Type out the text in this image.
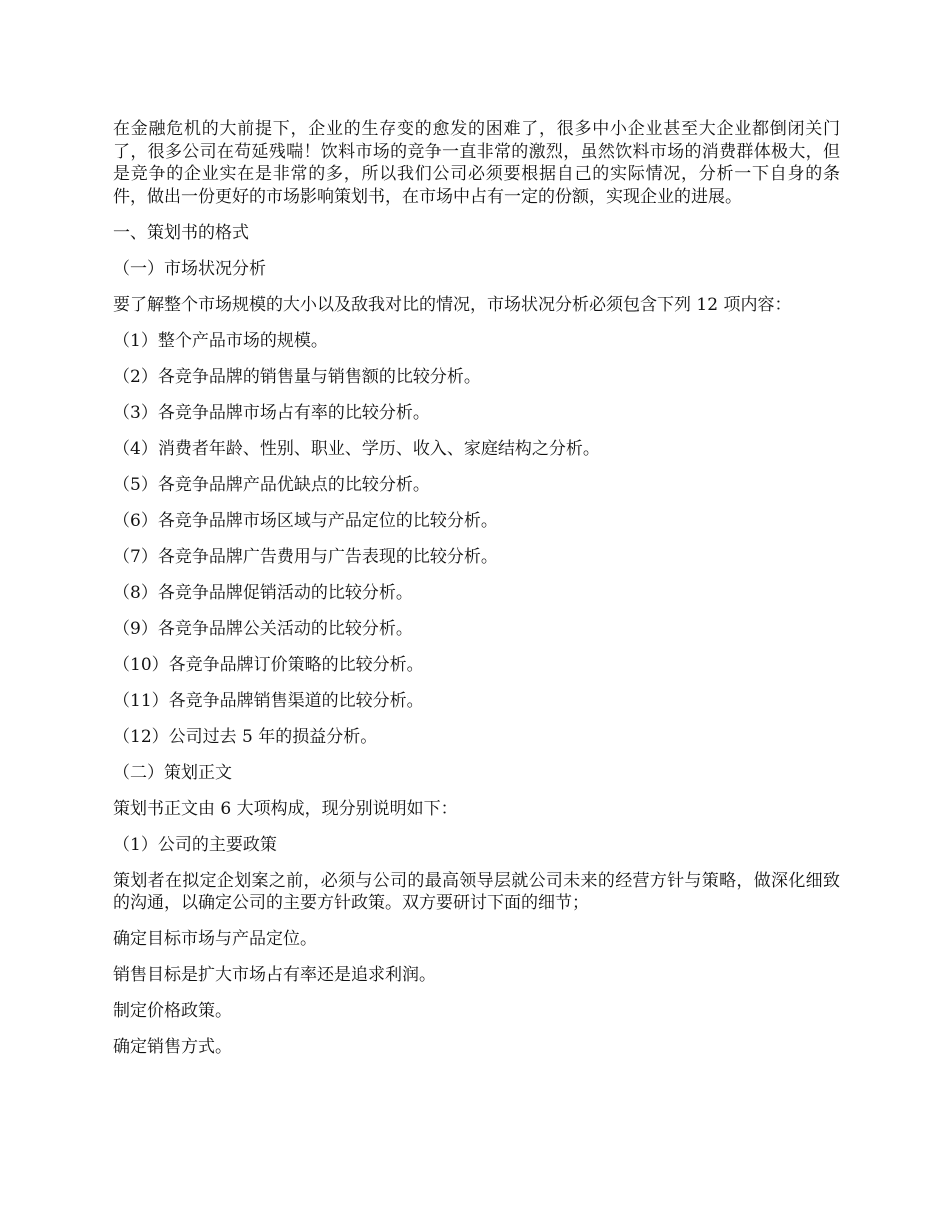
在金融危机的大前提下，企业的生存变的愈发的困难了，很多中小企业甚至大企业都倒闭关门了，很多公司在苟延残喘！饮料市场的竞争一直非常的激烈，虽然饮料市场的消费群体极大，但是竞争的企业实在是非常的多，所以我们公司必须要根据自己的实际情况，分析一下自身的条件，做出一份更好的市场影响策划书，在市场中占有一定的份额，实现企业的进展。

一、策划书的格式

（一）市场状况分析

要了解整个市场规模的大小以及敌我对比的情况，市场状况分析必须包含下列 12 项内容：

（1）整个产品市场的规模。

（2）各竞争品牌的销售量与销售额的比较分析。

（3）各竞争品牌市场占有率的比较分析。

（4）消费者年龄、性别、职业、学历、收入、家庭结构之分析。

（5）各竞争品牌产品优缺点的比较分析。

（6）各竞争品牌市场区域与产品定位的比较分析。

（7）各竞争品牌广告费用与广告表现的比较分析。

（8）各竞争品牌促销活动的比较分析。

（9）各竞争品牌公关活动的比较分析。

（10）各竞争品牌订价策略的比较分析。

（11）各竞争品牌销售渠道的比较分析。

（12）公司过去 5 年的损益分析。

（二）策划正文

策划书正文由 6 大项构成，现分别说明如下：

（1）公司的主要政策

策划者在拟定企划案之前，必须与公司的最高领导层就公司未来的经营方针与策略，做深化细致的沟通，以确定公司的主要方针政策。双方要研讨下面的细节；

确定目标市场与产品定位。

销售目标是扩大市场占有率还是追求利润。

制定价格政策。

确定销售方式。
